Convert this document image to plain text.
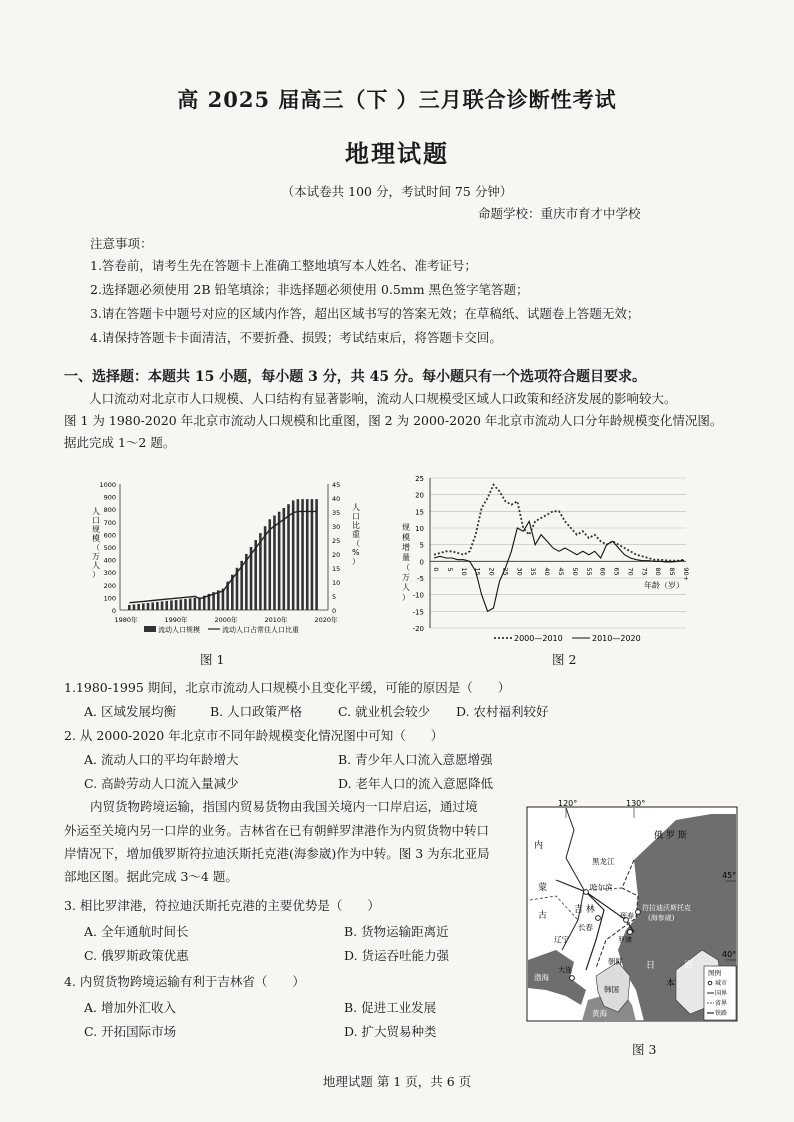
高 2025 届高三（下 ）三月联合诊断性考试
地理试题
（本试卷共 100 分，考试时间 75 分钟）
命题学校：重庆市育才中学校
注意事项：
1.答卷前，请考生先在答题卡上准确工整地填写本人姓名、准考证号；
2.选择题必须使用 2B 铅笔填涂；非选择题必须使用 0.5mm 黑色签字笔答题；
3.请在答题卡中题号对应的区域内作答，超出区域书写的答案无效；在草稿纸、试题卷上答题无效；
4.请保持答题卡卡面清洁，不要折叠、损毁；考试结束后，将答题卡交回。
一、选择题：本题共 15 小题，每小题 3 分，共 45 分。每小题只有一个选项符合题目要求。
人口流动对北京市人口规模、人口结构有显著影响，流动人口规模受区域人口政策和经济发展的影响较大。
图 1 为 1980-2020 年北京市流动人口规模和比重图，图 2 为 2000-2020 年北京市流动人口分年龄规模变化情况图。
据此完成 1～2 题。
0
100
200
300
400
500
600
700
800
900
1000
0
5
10
15
20
25
30
35
40
45
1980年	1990年	2000年	2010年	2020年
人口规模（万人）
人口比重（%）
流动人口规模	流动人口占常住人口比重
图 1
25
20
15
10
5
0
-5
-10
-15
-20
0 5 10 15 20 25 30 35 40 45 50 55 60 65 70 75 80 85 90+
规模增量（万人）
年龄（岁）
2000—2010	2010—2020
图 2
1.1980-1995 期间，北京市流动人口规模小且变化平缓，可能的原因是（　　）
A. 区域发展均衡	B. 人口政策严格	C. 就业机会较少 D. 农村福利较好
2. 从 2000-2020 年北京市不同年龄规模变化情况图中可知（　　）
A. 流动人口的平均年龄增大	B. 青少年人口流入意愿增强
C. 高龄劳动人口流入量减少	D. 老年人口的流入意愿降低
内贸货物跨境运输，指国内贸易货物由我国关境内一口岸启运，通过境
外运至关境内另一口岸的业务。吉林省在已有朝鲜罗津港作为内贸货物中转口
岸情况下，增加俄罗斯符拉迪沃斯托克港(海参崴)作为中转。图 3 为东北亚局
部地区图。据此完成 3～4 题。
3. 相比罗津港，符拉迪沃斯托克港的主要优势是（　　）
A. 全年通航时间长	B. 货物运输距离近
C. 俄罗斯政策优惠	D. 货运吞吐能力强
4. 内贸货物跨境运输有利于吉林省（　　）
A. 增加外汇收入	B. 促进工业发展
C. 开拓国际市场	D. 扩大贸易种类
120°	130°
45°
40°
俄 罗 斯
内
蒙
古
黑龙江
哈尔滨
吉 林
长春
符拉迪沃斯托克
(海参崴)
珲春
罗津
朝鲜
辽宁
大连
渤海
韩国
黄海
日	海
本
图例
城市
国界
省界
铁路
图 3
地理试题 第 1 页，共 6 页
